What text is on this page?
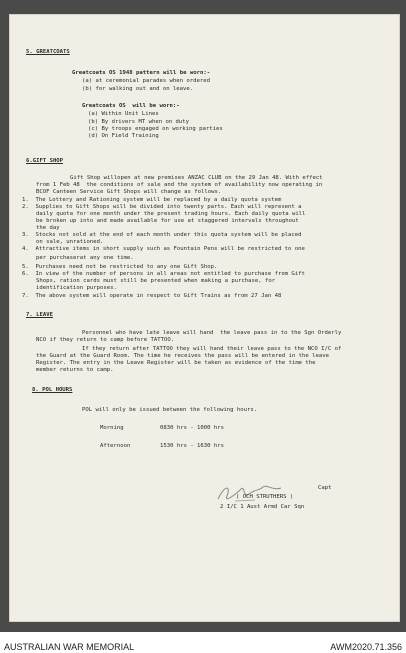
5. GREATCOATS
Greatcoats OS 1948 pattern will be worn:-
(a) at ceremonial parades when ordered
(b) for walking out and on leave.
Greatcoats OS  will be worn:-
(a) Within Unit Lines
(b) By drivers MT when on duty
(c) By troops engaged on working parties
(d) On Field Training
6.GIFT SHOP
Gift Shop willopen at new premises ANZAC CLUB on the 29 Jan 48. With effect
from 1 Feb 48  the conditions of sale and the system of availability now operating in
BCOF Canteen Service Gift Shops will change as follows.
1.  The Lottery and Rationing system will be replaced by a daily quota system
2.  Supplies to Gift Shops will be divided into twenty parts. Each will represent a
daily quota for one month under the present trading hours. Each daily quota will
be broken up into and made available for use at staggered intervals throughout
the day
3.  Stocks not sold at the end of each month under this quota system will be placed
on sale, unrationed.
4.  Attractive items in short supply such as Fountain Pens will be restricted to one
per purchaserat any one time.
5.  Purchases need not be restricted to any one Gift Shop.
6.  In view of the number of persons in all areas not entitled to purchase from Gift
Shops, ration cards must still be presented when making a purchase, for
identification purposes.
7.  The above system will operate in respect to Gift Trains as from 27 Jan 48
7. LEAVE
Personnel who have late leave will hand  the leave pass in to the Sgn Orderly
NCO if they return to camp before TATTOO.
If they return after TATTOO they will hand their leave pass to the NCO I/C of
the Guard at the Guard Room. The time he receives the pass will be entered in the leave
Register. The entry in the Leave Register will be taken as evidence of the time the
member returns to camp.
8. POL HOURS
POL will only be issued between the following hours.
Morning	0830 hrs - 1000 hrs
Afternoon	1530 hrs - 1630 hrs
Capt
( OCH STRUTHERS )
2 I/C 1 Aust Armd Car Sqn
AUSTRALIAN WAR MEMORIAL	AWM2020.71.356
